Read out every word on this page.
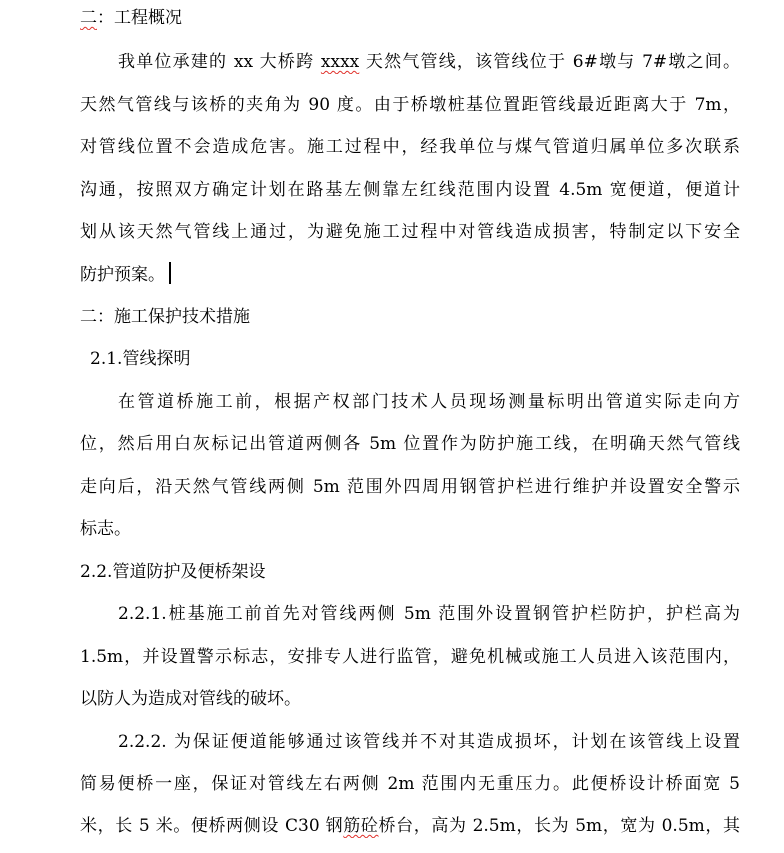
二：工程概况
我单位承建的 xx 大桥跨 xxxx 天然气管线，该管线位于 6#墩与 7#墩之间。
天然气管线与该桥的夹角为 90 度。由于桥墩桩基位置距管线最近距离大于 7m，
对管线位置不会造成危害。施工过程中，经我单位与煤气管道归属单位多次联系
沟通，按照双方确定计划在路基左侧靠左红线范围内设置 4.5m 宽便道，便道计
划从该天然气管线上通过，为避免施工过程中对管线造成损害，特制定以下安全
防护预案。
二：施工保护技术措施
2.1.管线探明
在管道桥施工前，根据产权部门技术人员现场测量标明出管道实际走向方
位，然后用白灰标记出管道两侧各 5m 位置作为防护施工线，在明确天然气管线
走向后，沿天然气管线两侧 5m 范围外四周用钢管护栏进行维护并设置安全警示
标志。
2.2.管道防护及便桥架设
2.2.1.桩基施工前首先对管线两侧 5m 范围外设置钢管护栏防护，护栏高为
1.5m，并设置警示标志，安排专人进行监管，避免机械或施工人员进入该范围内，
以防人为造成对管线的破坏。
2.2.2. 为保证便道能够通过该管线并不对其造成损坏，计划在该管线上设置
简易便桥一座，保证对管线左右两侧 2m 范围内无重压力。此便桥设计桥面宽 5
米，长 5 米。便桥两侧设 C30 钢筋砼桥台，高为 2.5m，长为 5m，宽为 0.5m，其
